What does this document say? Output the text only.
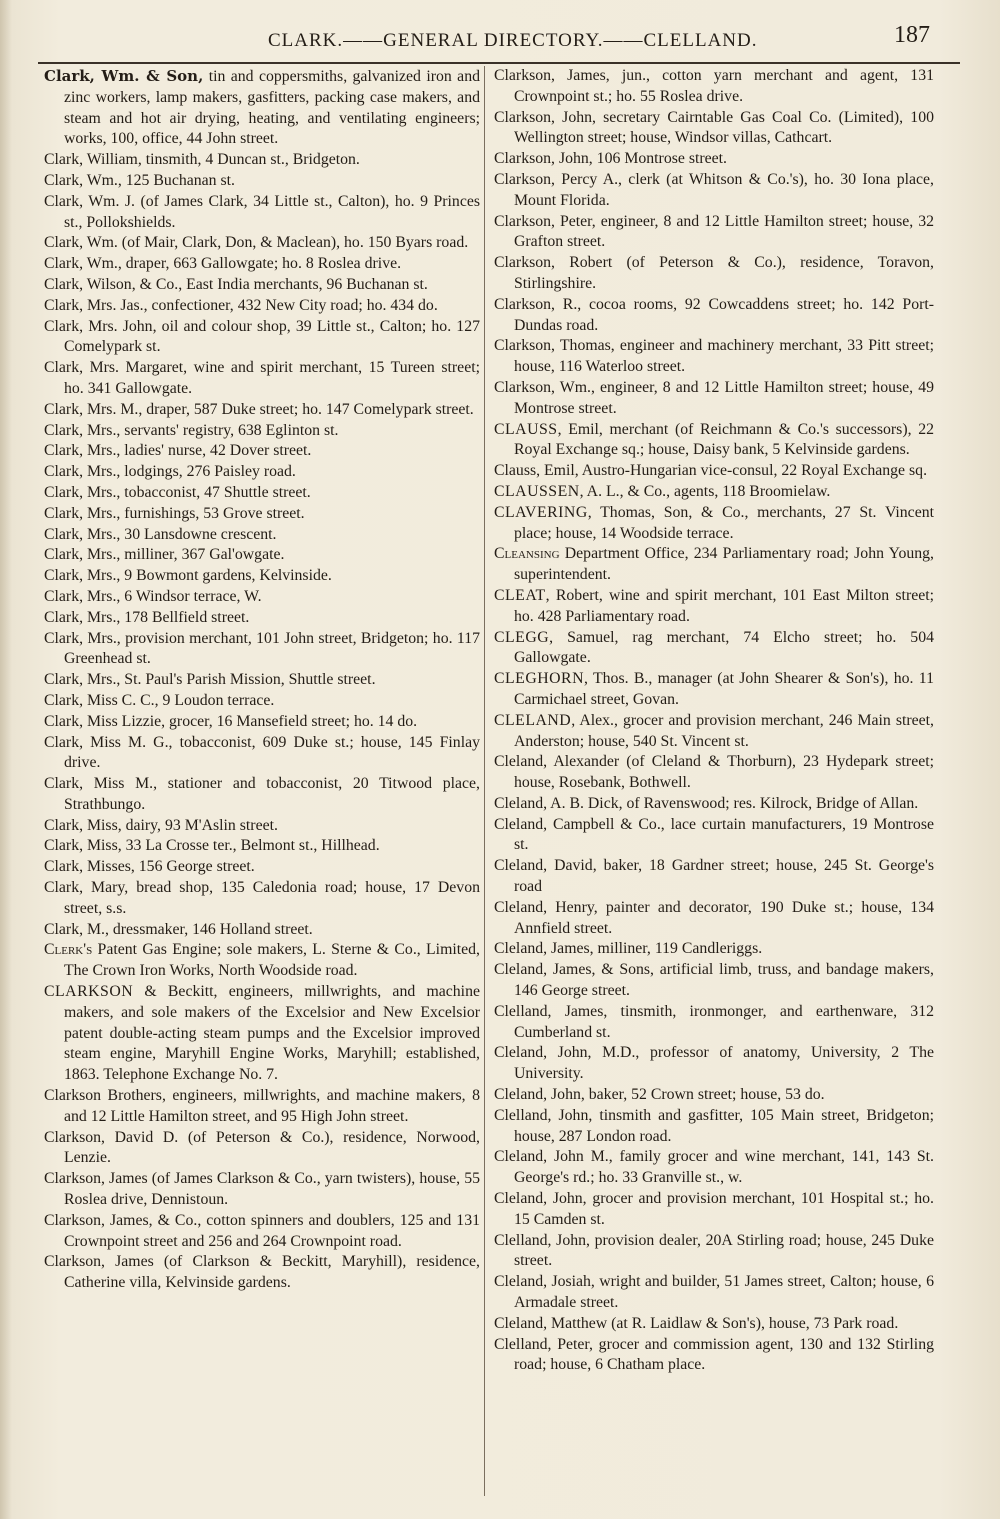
CLARK.——GENERAL DIRECTORY.——CLELLAND.	187

Clark, Wm. & Son, tin and coppersmiths, galvanized iron and zinc workers, lamp makers, gasfitters, packing case makers, and steam and hot air drying, heating, and ventilating engineers; works, 100, office, 44 John street.

Clark, William, tinsmith, 4 Duncan st., Bridgeton.

Clark, Wm., 125 Buchanan st.

Clark, Wm. J. (of James Clark, 34 Little st., Calton), ho. 9 Princes st., Pollokshields.

Clark, Wm. (of Mair, Clark, Don, & Maclean), ho. 150 Byars road.

Clark, Wm., draper, 663 Gallowgate; ho. 8 Roslea drive.

Clark, Wilson, & Co., East India merchants, 96 Buchanan st.

Clark, Mrs. Jas., confectioner, 432 New City road; ho. 434 do.

Clark, Mrs. John, oil and colour shop, 39 Little st., Calton; ho. 127 Comelypark st.

Clark, Mrs. Margaret, wine and spirit merchant, 15 Tureen street; ho. 341 Gallowgate.

Clark, Mrs. M., draper, 587 Duke street; ho. 147 Comelypark street.

Clark, Mrs., servants' registry, 638 Eglinton st.

Clark, Mrs., ladies' nurse, 42 Dover street.

Clark, Mrs., lodgings, 276 Paisley road.

Clark, Mrs., tobacconist, 47 Shuttle street.

Clark, Mrs., furnishings, 53 Grove street.

Clark, Mrs., 30 Lansdowne crescent.

Clark, Mrs., milliner, 367 Gal'owgate.

Clark, Mrs., 9 Bowmont gardens, Kelvinside.

Clark, Mrs., 6 Windsor terrace, W.

Clark, Mrs., 178 Bellfield street.

Clark, Mrs., provision merchant, 101 John street, Bridgeton; ho. 117 Greenhead st.

Clark, Mrs., St. Paul's Parish Mission, Shuttle street.

Clark, Miss C. C., 9 Loudon terrace.

Clark, Miss Lizzie, grocer, 16 Mansefield street; ho. 14 do.

Clark, Miss M. G., tobacconist, 609 Duke st.; house, 145 Finlay drive.

Clark, Miss M., stationer and tobacconist, 20 Titwood place, Strathbungo.

Clark, Miss, dairy, 93 M'Aslin street.

Clark, Miss, 33 La Crosse ter., Belmont st., Hillhead.

Clark, Misses, 156 George street.

Clark, Mary, bread shop, 135 Caledonia road; house, 17 Devon street, s.s.

Clark, M., dressmaker, 146 Holland street.

Clerk's Patent Gas Engine; sole makers, L. Sterne & Co., Limited, The Crown Iron Works, North Woodside road.

CLARKSON & Beckitt, engineers, millwrights, and machine makers, and sole makers of the Excelsior and New Excelsior patent double-acting steam pumps and the Excelsior improved steam engine, Maryhill Engine Works, Maryhill; established, 1863. Telephone Exchange No. 7.

Clarkson Brothers, engineers, millwrights, and machine makers, 8 and 12 Little Hamilton street, and 95 High John street.

Clarkson, David D. (of Peterson & Co.), residence, Norwood, Lenzie.

Clarkson, James (of James Clarkson & Co., yarn twisters), house, 55 Roslea drive, Dennistoun.

Clarkson, James, & Co., cotton spinners and doublers, 125 and 131 Crownpoint street and 256 and 264 Crownpoint road.

Clarkson, James (of Clarkson & Beckitt, Maryhill), residence, Catherine villa, Kelvinside gardens.

Clarkson, James, jun., cotton yarn merchant and agent, 131 Crownpoint st.; ho. 55 Roslea drive.

Clarkson, John, secretary Cairntable Gas Coal Co. (Limited), 100 Wellington street; house, Windsor villas, Cathcart.

Clarkson, John, 106 Montrose street.

Clarkson, Percy A., clerk (at Whitson & Co.'s), ho. 30 Iona place, Mount Florida.

Clarkson, Peter, engineer, 8 and 12 Little Hamilton street; house, 32 Grafton street.

Clarkson, Robert (of Peterson & Co.), residence, Toravon, Stirlingshire.

Clarkson, R., cocoa rooms, 92 Cowcaddens street; ho. 142 Port-Dundas road.

Clarkson, Thomas, engineer and machinery merchant, 33 Pitt street; house, 116 Waterloo street.

Clarkson, Wm., engineer, 8 and 12 Little Hamilton street; house, 49 Montrose street.

CLAUSS, Emil, merchant (of Reichmann & Co.'s successors), 22 Royal Exchange sq.; house, Daisy bank, 5 Kelvinside gardens.

Clauss, Emil, Austro-Hungarian vice-consul, 22 Royal Exchange sq.

CLAUSSEN, A. L., & Co., agents, 118 Broomielaw.

CLAVERING, Thomas, Son, & Co., merchants, 27 St. Vincent place; house, 14 Woodside terrace.

Cleansing Department Office, 234 Parliamentary road; John Young, superintendent.

CLEAT, Robert, wine and spirit merchant, 101 East Milton street; ho. 428 Parliamentary road.

CLEGG, Samuel, rag merchant, 74 Elcho street; ho. 504 Gallowgate.

CLEGHORN, Thos. B., manager (at John Shearer & Son's), ho. 11 Carmichael street, Govan.

CLELAND, Alex., grocer and provision merchant, 246 Main street, Anderston; house, 540 St. Vincent st.

Cleland, Alexander (of Cleland & Thorburn), 23 Hydepark street; house, Rosebank, Bothwell.

Cleland, A. B. Dick, of Ravenswood; res. Kilrock, Bridge of Allan.

Cleland, Campbell & Co., lace curtain manufacturers, 19 Montrose st.

Cleland, David, baker, 18 Gardner street; house, 245 St. George's road

Cleland, Henry, painter and decorator, 190 Duke st.; house, 134 Annfield street.

Cleland, James, milliner, 119 Candleriggs.

Cleland, James, & Sons, artificial limb, truss, and bandage makers, 146 George street.

Clelland, James, tinsmith, ironmonger, and earthenware, 312 Cumberland st.

Cleland, John, M.D., professor of anatomy, University, 2 The University.

Cleland, John, baker, 52 Crown street; house, 53 do.

Clelland, John, tinsmith and gasfitter, 105 Main street, Bridgeton; house, 287 London road.

Cleland, John M., family grocer and wine merchant, 141, 143 St. George's rd.; ho. 33 Granville st., w.

Cleland, John, grocer and provision merchant, 101 Hospital st.; ho. 15 Camden st.

Clelland, John, provision dealer, 20A Stirling road; house, 245 Duke street.

Cleland, Josiah, wright and builder, 51 James street, Calton; house, 6 Armadale street.

Cleland, Matthew (at R. Laidlaw & Son's), house, 73 Park road.

Clelland, Peter, grocer and commission agent, 130 and 132 Stirling road; house, 6 Chatham place.
